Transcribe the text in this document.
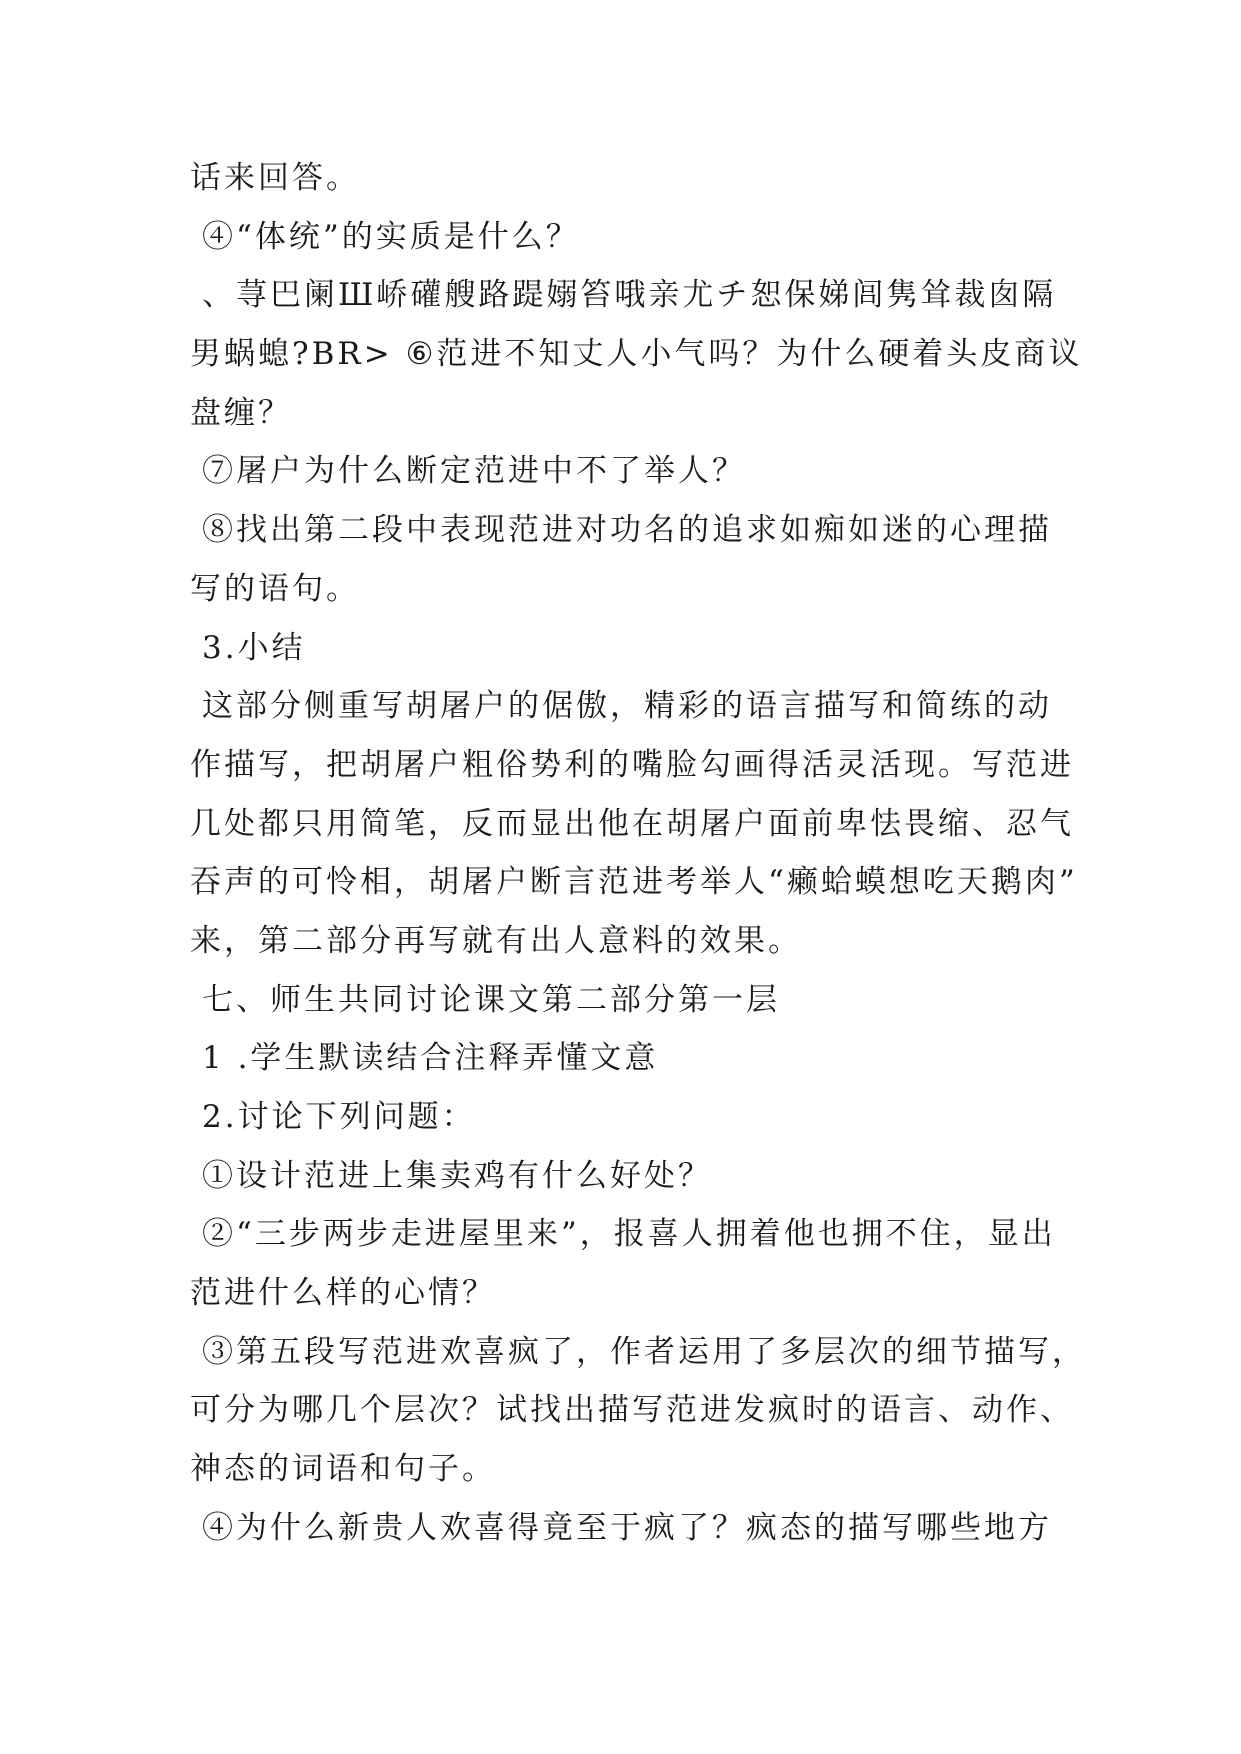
话来回答。
④“体统”的实质是什么？
、荨巴阑Ш峤礶艘路踶嫋笞哦亲尤チ恕保娣闾隽耸裁囱隔
男蜗螅?BR> ⑥范进不知丈人小气吗？为什么硬着头皮商议
盘缠？
⑦屠户为什么断定范进中不了举人？
⑧找出第二段中表现范进对功名的追求如痴如迷的心理描
写的语句。
3.小结
这部分侧重写胡屠户的倨傲，精彩的语言描写和简练的动
作描写，把胡屠户粗俗势利的嘴脸勾画得活灵活现。写范进
几处都只用简笔，反而显出他在胡屠户面前卑怯畏缩、忍气
吞声的可怜相，胡屠户断言范进考举人“癞蛤蟆想吃天鹅肉”
来，第二部分再写就有出人意料的效果。
七、师生共同讨论课文第二部分第一层
1 .学生默读结合注释弄懂文意
2.讨论下列问题：
①设计范进上集卖鸡有什么好处？
②“三步两步走进屋里来”，报喜人拥着他也拥不住，显出
范进什么样的心情？
③第五段写范进欢喜疯了，作者运用了多层次的细节描写，
可分为哪几个层次？试找出描写范进发疯时的语言、动作、
神态的词语和句子。
④为什么新贵人欢喜得竟至于疯了？疯态的描写哪些地方
